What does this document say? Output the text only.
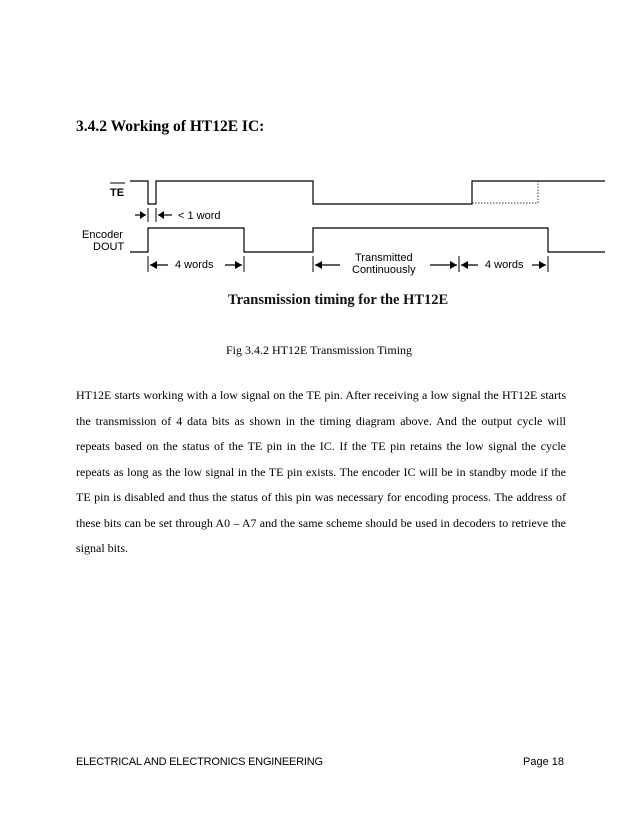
3.4.2 Working of HT12E IC:
TE
< 1 word
Encoder
DOUT
4 words
Transmitted
Continuously	4 words
Transmission timing for the HT12E
Fig 3.4.2 HT12E Transmission Timing

HT12E starts working with a low signal on the TE pin. After receiving a low signal the HT12E starts the transmission of 4 data bits as shown in the timing diagram above. And the output cycle will repeats based on the status of the TE pin in the IC. If the TE pin retains the low signal the cycle repeats as long as the low signal in the TE pin exists. The encoder IC will be in standby mode if the TE pin is disabled and thus the status of this pin was necessary for encoding process. The address of these bits can be set through A0 – A7 and the same scheme should be used in decoders to retrieve the signal bits.

ELECTRICAL AND ELECTRONICS ENGINEERING	Page 18
